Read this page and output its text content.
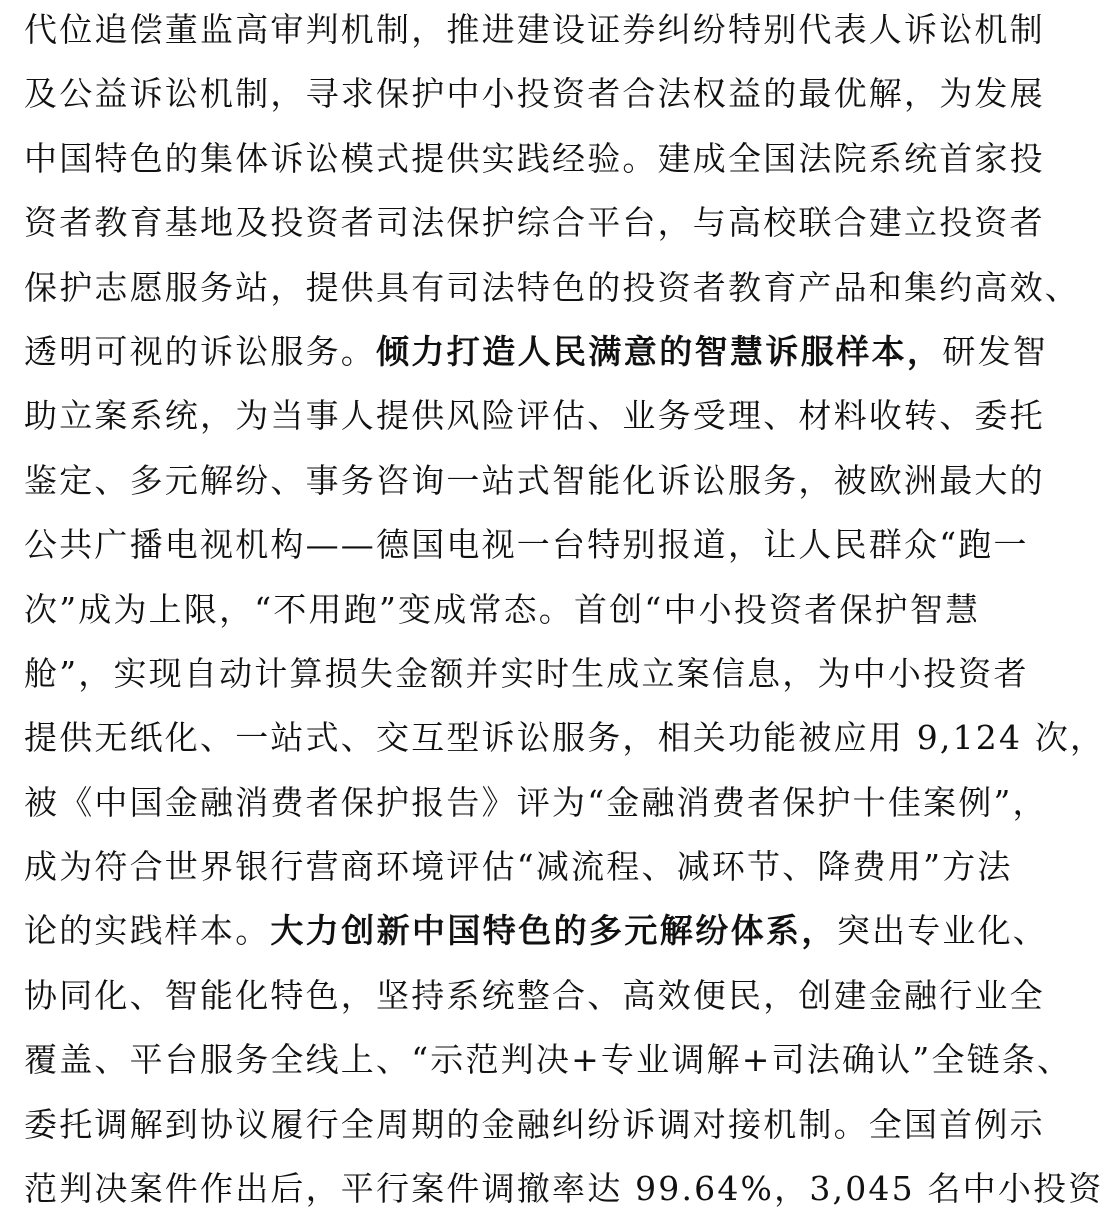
代位追偿董监高审判机制，推进建设证券纠纷特别代表人诉讼机制
及公益诉讼机制，寻求保护中小投资者合法权益的最优解，为发展
中国特色的集体诉讼模式提供实践经验。建成全国法院系统首家投
资者教育基地及投资者司法保护综合平台，与高校联合建立投资者
保护志愿服务站，提供具有司法特色的投资者教育产品和集约高效、
透明可视的诉讼服务。倾力打造人民满意的智慧诉服样本，研发智
助立案系统，为当事人提供风险评估、业务受理、材料收转、委托
鉴定、多元解纷、事务咨询一站式智能化诉讼服务，被欧洲最大的
公共广播电视机构——德国电视一台特别报道，让人民群众“跑一
次”成为上限，“不用跑”变成常态。首创“中小投资者保护智慧
舱”，实现自动计算损失金额并实时生成立案信息，为中小投资者
提供无纸化、一站式、交互型诉讼服务，相关功能被应用 9,124 次，
被《中国金融消费者保护报告》评为“金融消费者保护十佳案例”，
成为符合世界银行营商环境评估“减流程、减环节、降费用”方法
论的实践样本。大力创新中国特色的多元解纷体系，突出专业化、
协同化、智能化特色，坚持系统整合、高效便民，创建金融行业全
覆盖、平台服务全线上、“示范判决+专业调解+司法确认”全链条、
委托调解到协议履行全周期的金融纠纷诉调对接机制。全国首例示
范判决案件作出后，平行案件调撤率达 99.64%，3,045 名中小投资
